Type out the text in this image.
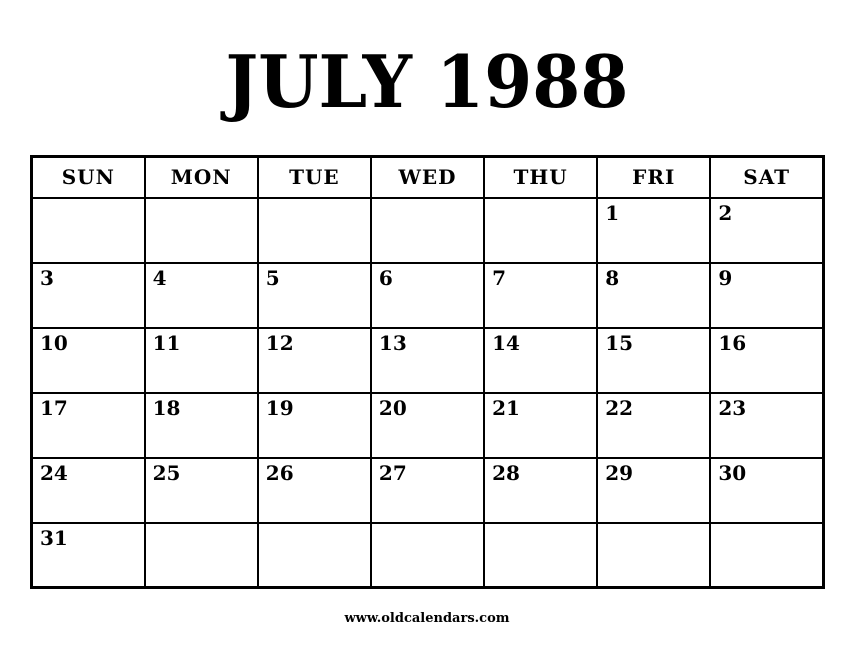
JULY 1988
SUN	MON	TUE	WED	THU	FRI	SAT
					1	2
3	4	5	6	7	8	9
10	11	12	13	14	15	16
17	18	19	20	21	22	23
24	25	26	27	28	29	30
31						
www.oldcalendars.com
